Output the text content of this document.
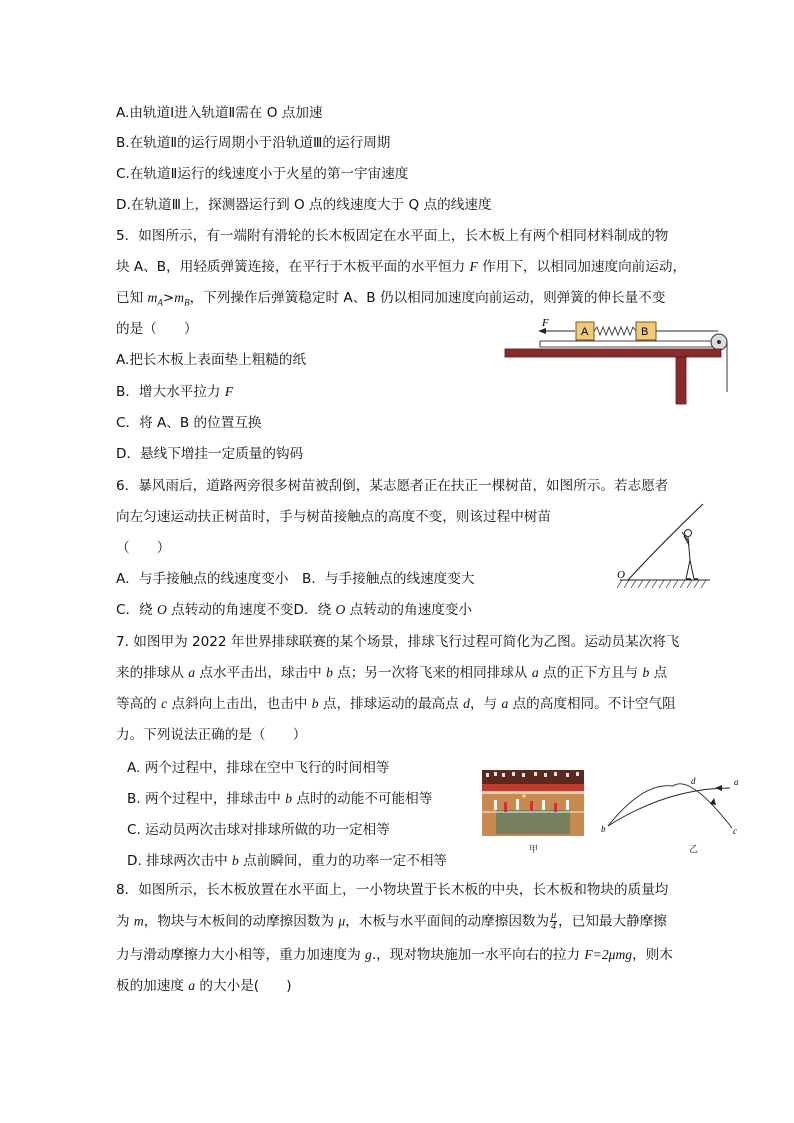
A.由轨道Ⅰ进入轨道Ⅱ需在 O 点加速
B.在轨道Ⅱ的运行周期小于沿轨道Ⅲ的运行周期
C.在轨道Ⅱ运行的线速度小于火星的第一宇宙速度
D.在轨道Ⅲ上，探测器运行到 O 点的线速度大于 Q 点的线速度
5．如图所示，有一端附有滑轮的长木板固定在水平面上，长木板上有两个相同材料制成的物
块 A、B，用轻质弹簧连接，在平行于木板平面的水平恒力 F 作用下，以相同加速度向前运动，
已知 $m_A>m_B$，下列操作后弹簧稳定时 A、B 仍以相同加速度向前运动，则弹簧的伸长量不变
的是（　　）
A.把长木板上表面垫上粗糙的纸
B．增大水平拉力 F
C．将 A、B 的位置互换
D．悬线下增挂一定质量的钩码
F
A	B
6．暴风雨后，道路两旁很多树苗被刮倒，某志愿者正在扶正一棵树苗，如图所示。若志愿者
向左匀速运动扶正树苗时，手与树苗接触点的高度不变，则该过程中树苗
（　　）
A．与手接触点的线速度变小　B．与手接触点的线速度变大
C．绕 O 点转动的角速度不变D．绕 O 点转动的角速度变小
O
7. 如图甲为 2022 年世界排球联赛的某个场景，排球飞行过程可简化为乙图。运动员某次将飞
来的排球从 a 点水平击出，球击中 b 点；另一次将飞来的相同排球从 a 点的正下方且与 b 点
等高的 c 点斜向上击出，也击中 b 点，排球运动的最高点 d，与 a 点的高度相同。不计空气阻
力。下列说法正确的是（　　）
A. 两个过程中，排球在空中飞行的时间相等
B. 两个过程中，排球击中 b 点时的动能不可能相等
C. 运动员两次击球对排球所做的功一定相等
D. 排球两次击中 b 点前瞬间，重力的功率一定不相等
甲
d	a
b	c
乙
8．如图所示，长木板放置在水平面上，一小物块置于长木板的中央，长木板和物块的质量均
为 m，物块与木板间的动摩擦因数为 μ，木板与水平面间的动摩擦因数为 $\frac{\mu}{4}$ ，已知最大静摩擦
力与滑动摩擦力大小相等，重力加速度为 g.，现对物块施加一水平向右的拉力 F=2μmg，则木
板的加速度 a 的大小是(　　)
